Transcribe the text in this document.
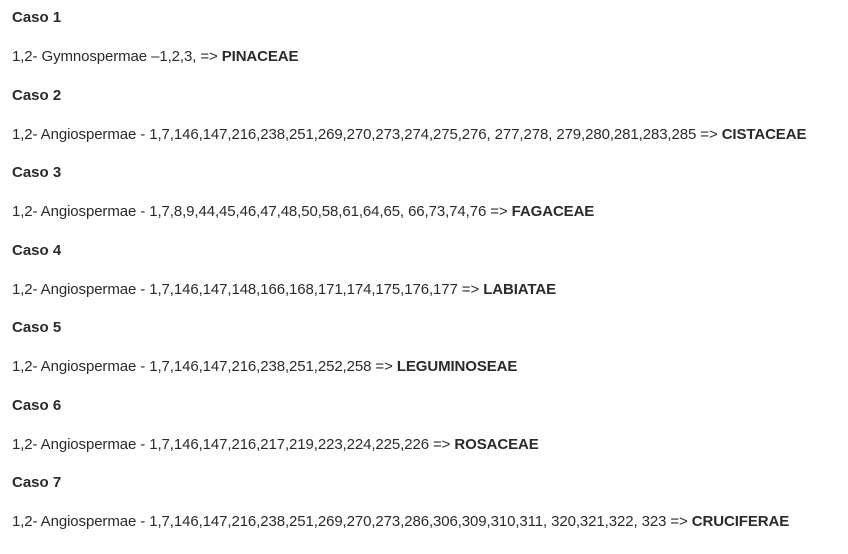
Caso 1

1,2- Gymnospermae –1,2,3, => PINACEAE

Caso 2

1,2- Angiospermae - 1,7,146,147,216,238,251,269,270,273,274,275,276, 277,278, 279,280,281,283,285 => CISTACEAE

Caso 3

1,2- Angiospermae - 1,7,8,9,44,45,46,47,48,50,58,61,64,65, 66,73,74,76 => FAGACEAE

Caso 4

1,2- Angiospermae - 1,7,146,147,148,166,168,171,174,175,176,177 => LABIATAE

Caso 5

1,2- Angiospermae - 1,7,146,147,216,238,251,252,258 => LEGUMINOSEAE

Caso 6

1,2- Angiospermae - 1,7,146,147,216,217,219,223,224,225,226 => ROSACEAE

Caso 7

1,2- Angiospermae - 1,7,146,147,216,238,251,269,270,273,286,306,309,310,311, 320,321,322, 323 => CRUCIFERAE
